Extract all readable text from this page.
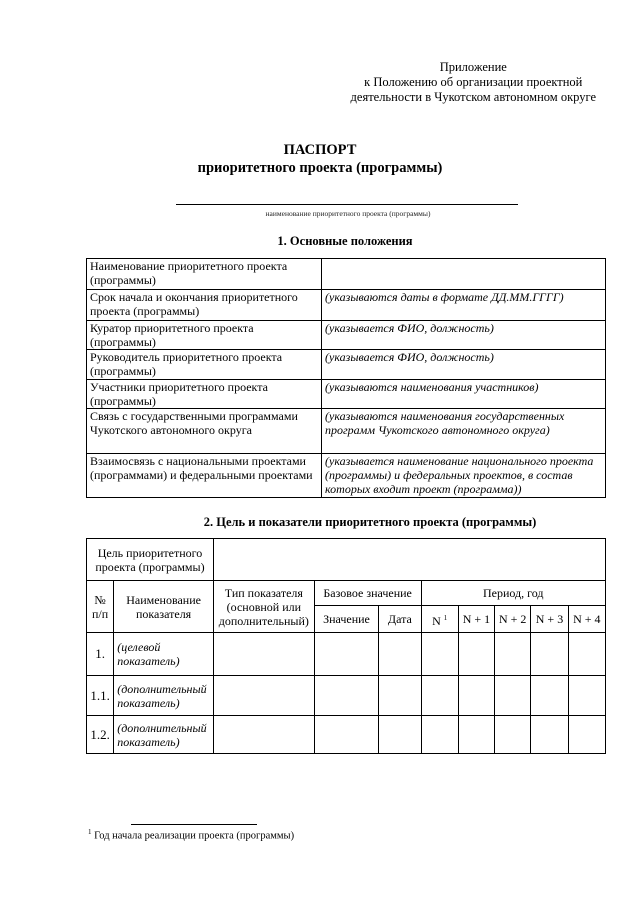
Приложение
к Положению об организации проектной
деятельности в Чукотском автономном округе
ПАСПОРТ
приоритетного проекта (программы)
наименование приоритетного проекта (программы)
1. Основные положения
Наименование приоритетного проекта (программы)	
Срок начала и окончания приоритетного проекта (программы)	(указываются даты в формате ДД.ММ.ГГГГ)
Куратор приоритетного проекта (программы)	(указывается ФИО, должность)
Руководитель приоритетного проекта (программы)	(указывается ФИО, должность)
Участники приоритетного проекта (программы)	(указываются наименования участников)
Связь с государственными программами Чукотского автономного округа	(указываются наименования государственных программ Чукотского автономного округа)
Взаимосвязь с национальными проектами (программами) и федеральными проектами	(указывается наименование национального проекта (программы) и федеральных проектов, в состав которых входит проект (программа))
2. Цель и показатели приоритетного проекта (программы)
Цель приоритетного проекта (программы)									
№ п/п	Наименование показателя	Тип показателя (основной или дополнительный)	Базовое значение		Период, год				
			Значение	Дата	N $^1$	N + 1	N + 2	N + 3	N + 4
1.	(целевой показатель)								
1.1.	(дополнительный показатель)								
1.2.	(дополнительный показатель)								
$^1$ Год начала реализации проекта (программы)
